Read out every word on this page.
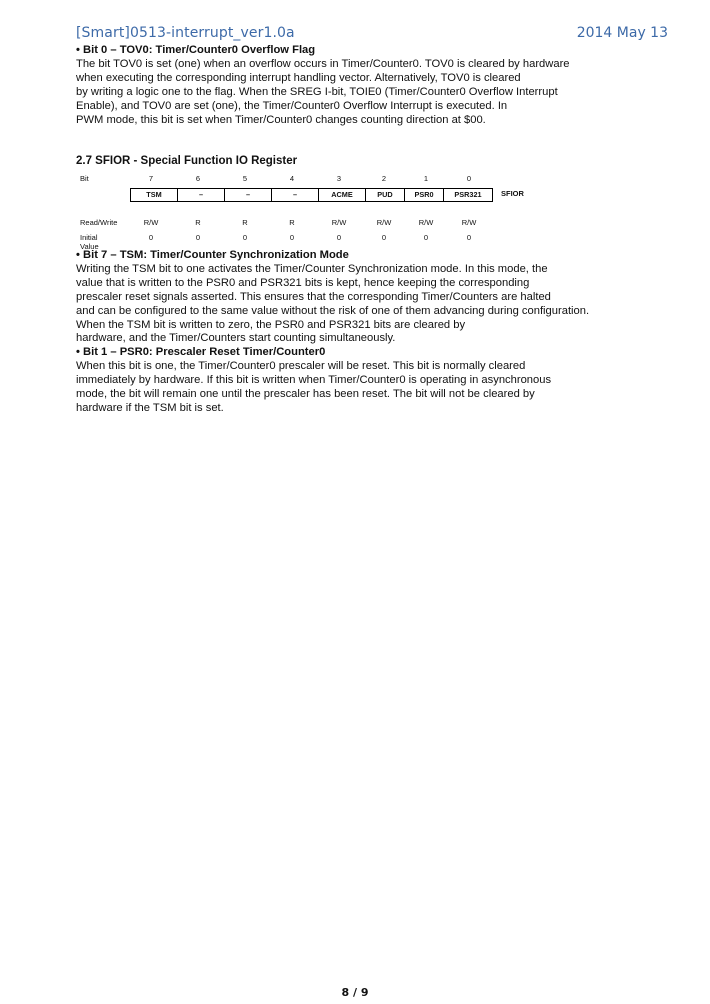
[Smart]0513-interrupt_ver1.0a	2014 May 13
• Bit 0 – TOV0: Timer/Counter0 Overflow Flag
The bit TOV0 is set (one) when an overflow occurs in Timer/Counter0. TOV0 is cleared by hardware
when executing the corresponding interrupt handling vector. Alternatively, TOV0 is cleared
by writing a logic one to the flag. When the SREG I-bit, TOIE0 (Timer/Counter0 Overflow Interrupt
Enable), and TOV0 are set (one), the Timer/Counter0 Overflow Interrupt is executed. In
PWM mode, this bit is set when Timer/Counter0 changes counting direction at $00.
2.7 SFIOR - Special Function IO Register
Bit	7	6	5	4	3	2	1	0
TSM	–	–	–	ACME	PUD	PSR0	PSR321	SFIOR
Read/Write	R/W	R	R	R	R/W	R/W	R/W	R/W
Initial Value
0	0	0	0	0	0	0	0
• Bit 7 – TSM: Timer/Counter Synchronization Mode
Writing the TSM bit to one activates the Timer/Counter Synchronization mode. In this mode, the
value that is written to the PSR0 and PSR321 bits is kept, hence keeping the corresponding
prescaler reset signals asserted. This ensures that the corresponding Timer/Counters are halted
and can be configured to the same value without the risk of one of them advancing during configuration.
When the TSM bit is written to zero, the PSR0 and PSR321 bits are cleared by
hardware, and the Timer/Counters start counting simultaneously.
• Bit 1 – PSR0: Prescaler Reset Timer/Counter0
When this bit is one, the Timer/Counter0 prescaler will be reset. This bit is normally cleared
immediately by hardware. If this bit is written when Timer/Counter0 is operating in asynchronous
mode, the bit will remain one until the prescaler has been reset. The bit will not be cleared by
hardware if the TSM bit is set.
8 / 9
